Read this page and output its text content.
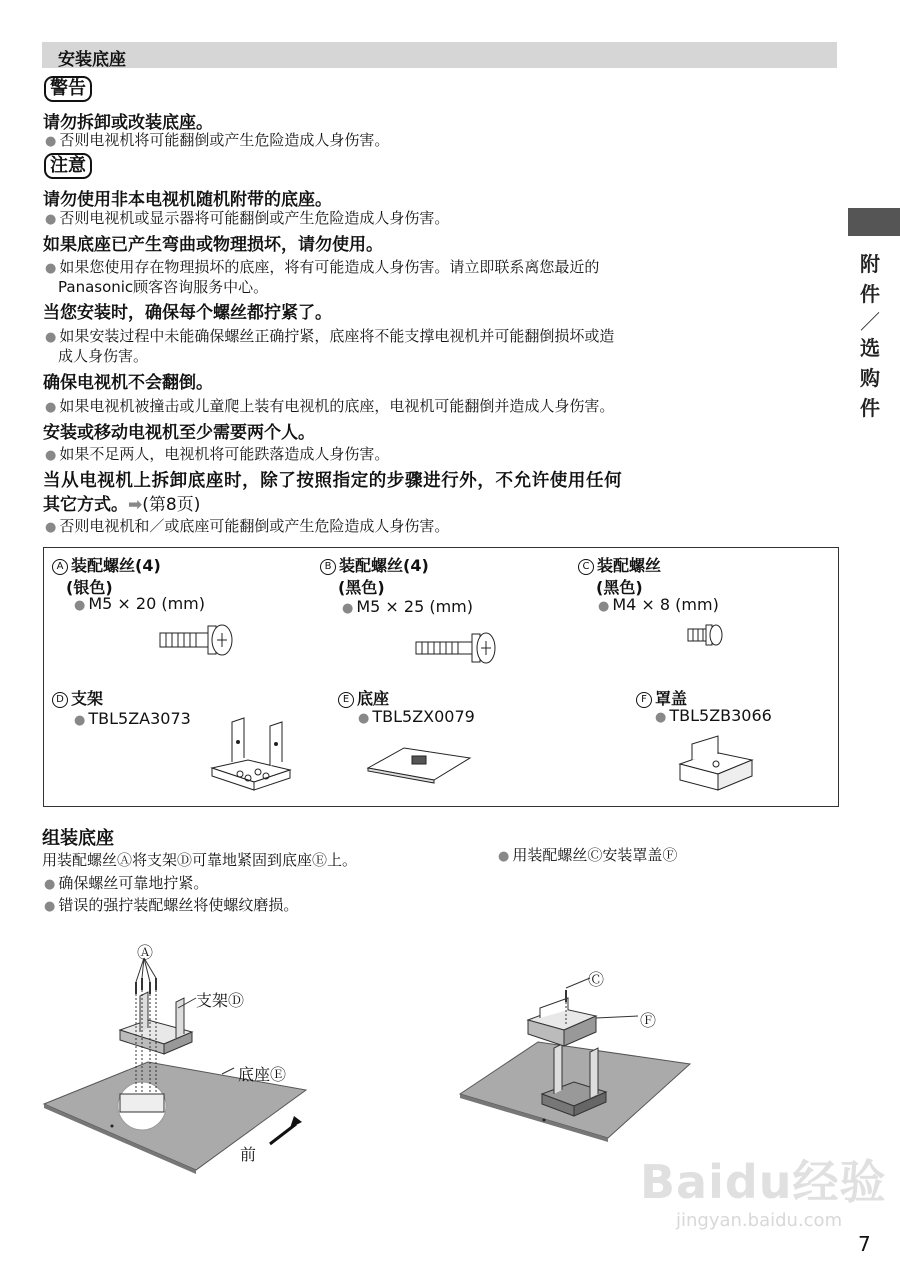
安装底座
警告
请勿拆卸或改装底座。
● 否则电视机将可能翻倒或产生危险造成人身伤害。
注意
请勿使用非本电视机随机附带的底座。
● 否则电视机或显示器将可能翻倒或产生危险造成人身伤害。
如果底座已产生弯曲或物理损坏，请勿使用。
● 如果您使用存在物理损坏的底座，将有可能造成人身伤害。请立即联系离您最近的
Panasonic顾客咨询服务中心。
当您安装时，确保每个螺丝都拧紧了。
● 如果安装过程中未能确保螺丝正确拧紧，底座将不能支撑电视机并可能翻倒损坏或造
成人身伤害。
确保电视机不会翻倒。
● 如果电视机被撞击或儿童爬上装有电视机的底座，电视机可能翻倒并造成人身伤害。
安装或移动电视机至少需要两个人。
● 如果不足两人，电视机将可能跌落造成人身伤害。
当从电视机上拆卸底座时，除了按照指定的步骤进行外，不允许使用任何
其它方式。➡(第8页)
● 否则电视机和／或底座可能翻倒或产生危险造成人身伤害。
附
件
／
选
购
件
A 装配螺丝(4)
(银色)
● M5 × 20 (mm)
B 装配螺丝(4)
(黑色)
● M5 × 25 (mm)
C 装配螺丝
(黑色)
● M4 × 8 (mm)
D 支架
● TBL5ZA3073
E 底座
● TBL5ZX0079
F 罩盖
● TBL5ZB3066
组装底座
用装配螺丝Ⓐ将支架Ⓓ可靠地紧固到底座Ⓔ上。
● 确保螺丝可靠地拧紧。
● 错误的强拧装配螺丝将使螺纹磨损。
● 用装配螺丝Ⓒ安装罩盖Ⓕ
Ⓐ
支架Ⓓ
底座Ⓔ
前
Ⓒ
Ⓕ
Baidu经验
jingyan.baidu.com
7
